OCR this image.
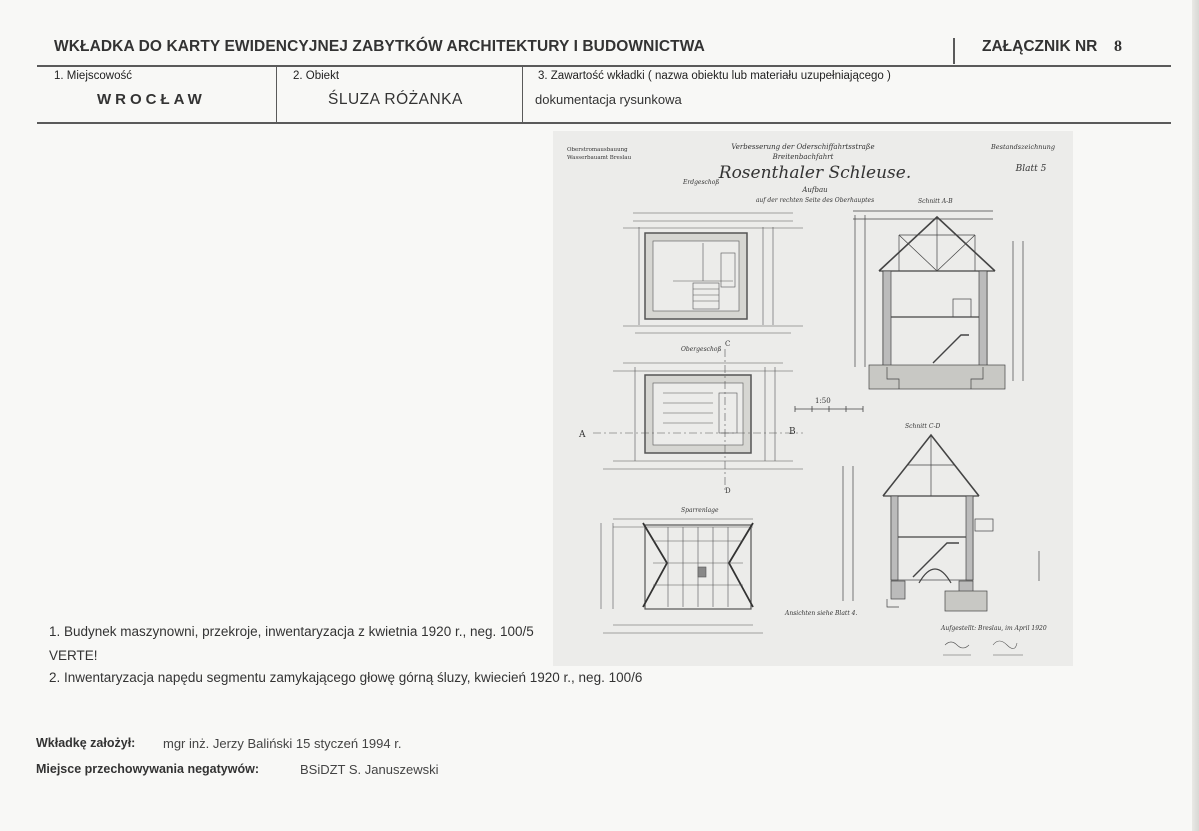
WKŁADKA DO KARTY EWIDENCYJNEJ ZABYTKÓW ARCHITEKTURY I BUDOWNICTWA	ZAŁĄCZNIK NR 8
1. Miejscowość
WROCŁAW
2. Obiekt
ŚLUZA RÓŻANKA
3. Zawartość wkładki ( nazwa obiektu lub materiału uzupełniającego )
dokumentacja rysunkowa
Oberstromausbauung
Wasserbauamt Breslau
Verbesserung der Oderschiffahrtsstraße
Breitenbachfahrt
Rosenthaler Schleuse.
Aufbau
auf der rechten Seite des Oberhauptes
Bestandszeichnung
Blatt 5
Erdgeschoß
Obergeschoß
Sparrenlage
Schnitt A-B
Schnitt C-D
1:50
Ansichten siehe Blatt 4.
Aufgestellt: Breslau, im April 1920
A	B
C
D
1. Budynek maszynowni, przekroje, inwentaryzacja z kwietnia 1920 r., neg. 100/5
VERTE!
2. Inwentaryzacja napędu segmentu zamykającego głowę górną śluzy, kwiecień 1920 r., neg. 100/6
Wkładkę założył: mgr inż. Jerzy Baliński 15 styczeń 1994 r.
Miejsce przechowywania negatywów:	BSiDZT S. Januszewski
